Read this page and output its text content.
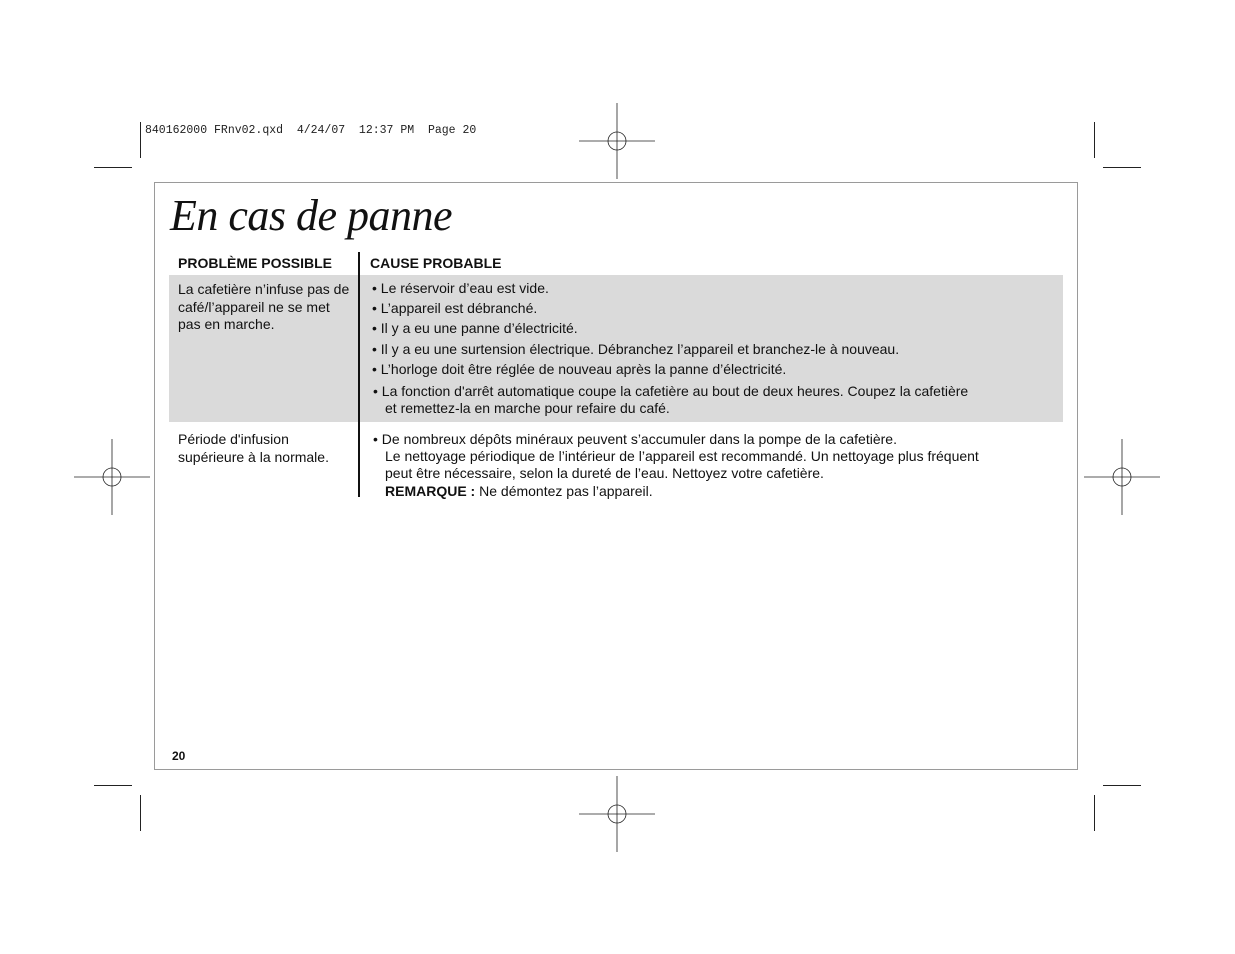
840162000 FRnv02.qxd  4/24/07  12:37 PM  Page 20
En cas de panne
PROBLÈME POSSIBLE	CAUSE PROBABLE
La cafetière n’infuse pas de café/l’appareil ne se met pas en marche.
• Le réservoir d’eau est vide.
• L’appareil est débranché.
• Il y a eu une panne d’électricité.
• Il y a eu une surtension électrique. Débranchez l’appareil et branchez-le à nouveau.
• L’horloge doit être réglée de nouveau après la panne d’électricité.
• La fonction d'arrêt automatique coupe la cafetière au bout de deux heures. Coupez la cafetière
et remettez-la en marche pour refaire du café.
Période d'infusion supérieure à la normale.
• De nombreux dépôts minéraux peuvent s’accumuler dans la pompe de la cafetière.
Le nettoyage périodique de l’intérieur de l’appareil est recommandé. Un nettoyage plus fréquent
peut être nécessaire, selon la dureté de l’eau. Nettoyez votre cafetière.
REMARQUE : Ne démontez pas l’appareil.
20
